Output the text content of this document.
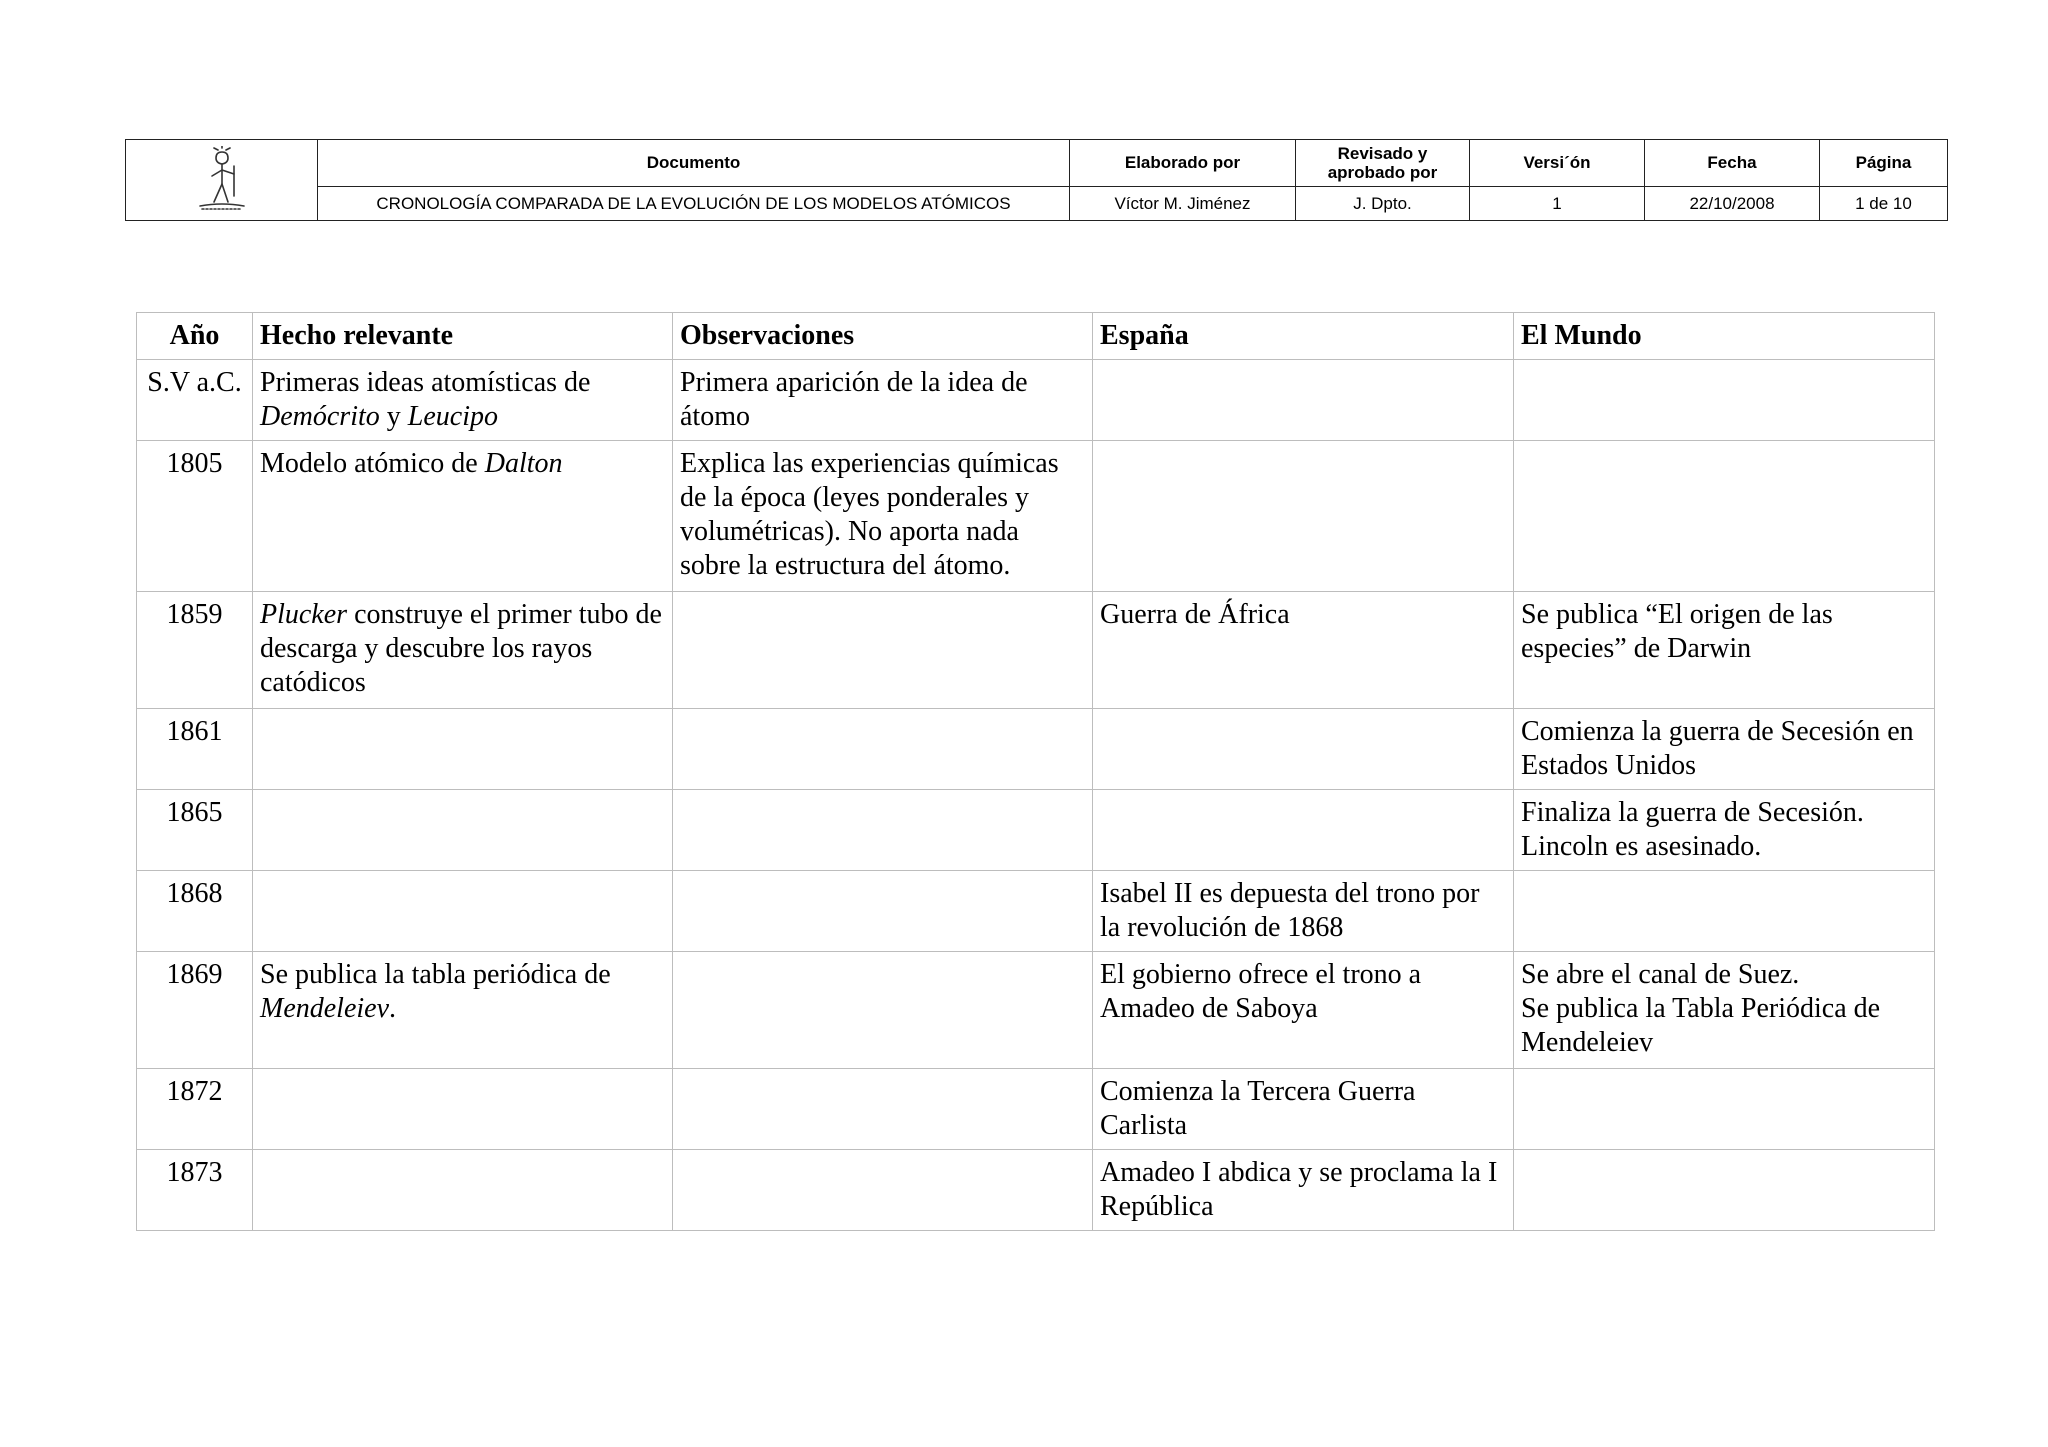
	Documento	Elaborado por	Revisado y
aprobado por	Versi´ón	Fecha	Página
	CRONOLOGÍA COMPARADA DE LA EVOLUCIÓN DE LOS MODELOS ATÓMICOS	Víctor M. Jiménez	J. Dpto.	1	22/10/2008	1 de 10
Año	Hecho relevante	Observaciones	España	El Mundo
S.V a.C.	Primeras ideas atomísticas de Demócrito y Leucipo	Primera aparición de la idea de átomo		
1805	Modelo atómico de Dalton	Explica las experiencias químicas de la época (leyes ponderales y volumétricas). No aporta nada sobre la estructura del átomo.		
1859	Plucker construye el primer tubo de descarga y descubre los rayos catódicos		Guerra de África	Se publica “El origen de las especies” de Darwin
1861				Comienza la guerra de Secesión en Estados Unidos
1865				Finaliza la guerra de Secesión. Lincoln es asesinado.
1868			Isabel II es depuesta del trono por la revolución de 1868	
1869	Se publica la tabla periódica de Mendeleiev.		El gobierno ofrece el trono a Amadeo de Saboya	Se abre el canal de Suez.
Se publica la Tabla Periódica de Mendeleiev
1872			Comienza la Tercera Guerra Carlista	
1873			Amadeo I abdica y se proclama la I República	
